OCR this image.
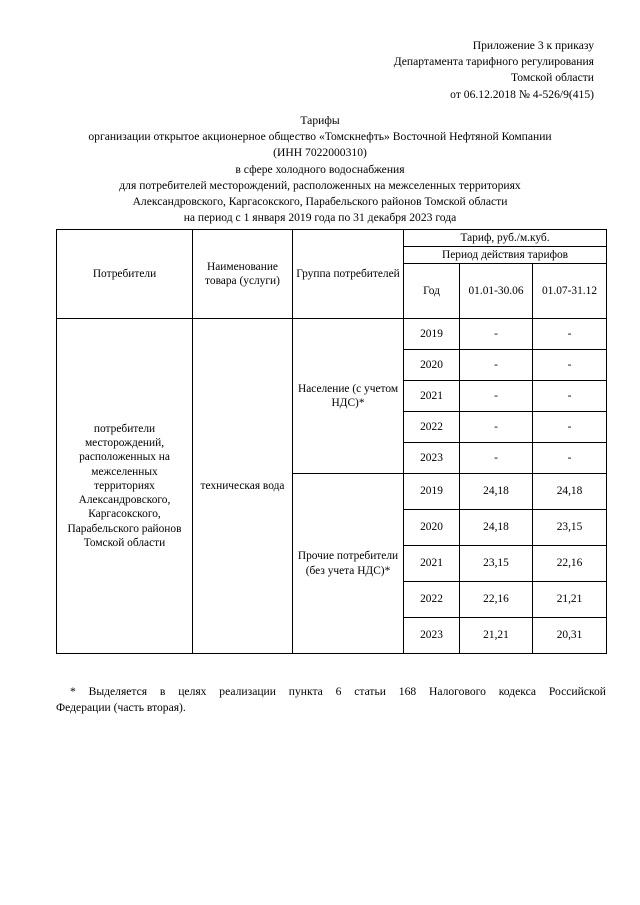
Приложение 3 к приказу
Департамента тарифного регулирования
Томской области
от 06.12.2018 № 4-526/9(415)
Тарифы
организации открытое акционерное общество «Томскнефть» Восточной Нефтяной Компании
(ИНН 7022000310)
в сфере холодного водоснабжения
для потребителей месторождений, расположенных на межселенных территориях
Александровского, Каргасокского, Парабельского районов Томской области
на период с 1 января 2019 года по 31 декабря 2023 года
Потребители	Наименование товара (услуги)	Группа потребителей	Тариф, руб./м.куб.		
			Период действия тарифов		
			Год	01.01-30.06	01.07-31.12
потребители месторождений, расположенных на межселенных территориях Александровского, Каргасокского, Парабельского районов Томской области	техническая вода	Население (с учетом НДС)*	2019	-	-
			2020	-	-
			2021	-	-
			2022	-	-
			2023	-	-
		Прочие потребители (без учета НДС)*	2019	24,18	24,18
			2020	24,18	23,15
			2021	23,15	22,16
			2022	22,16	21,21
			2023	21,21	20,31
* Выделяется в целях реализации пункта 6 статьи 168 Налогового кодекса Российской
Федерации (часть вторая).
